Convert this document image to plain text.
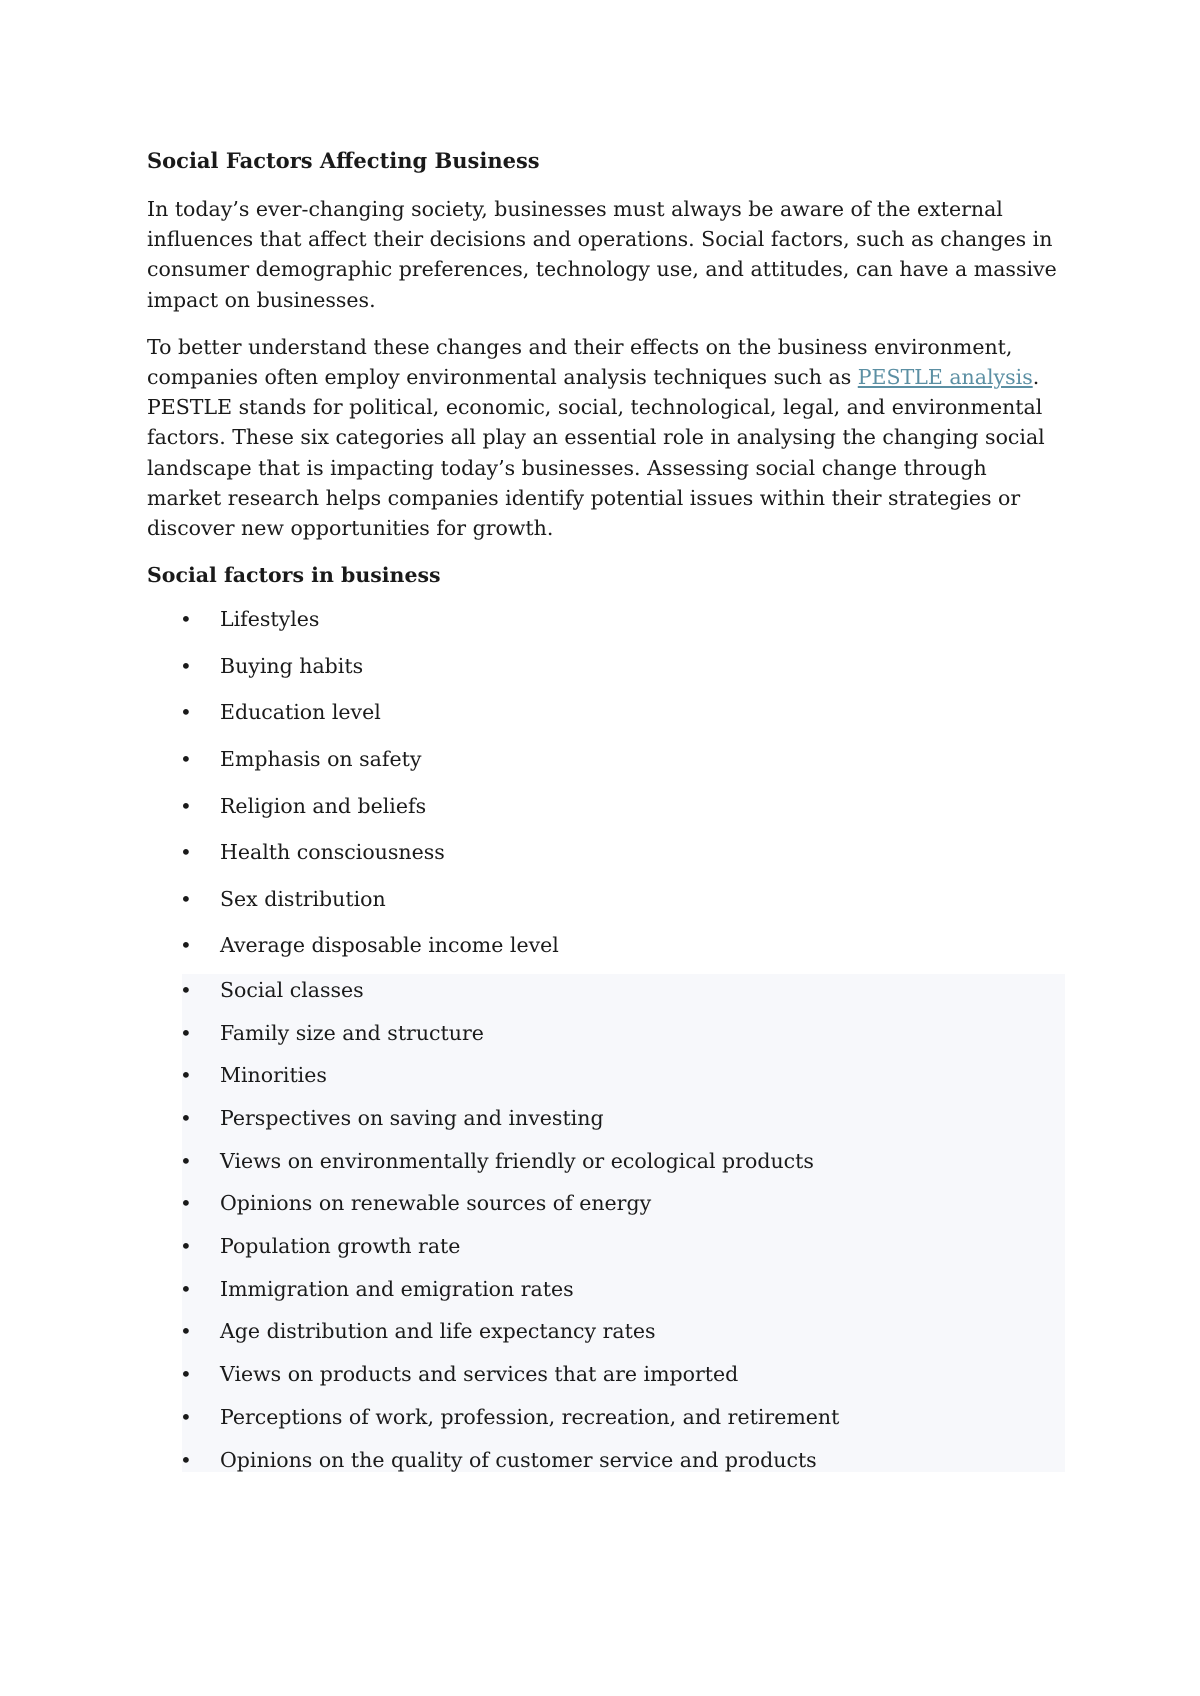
Social Factors Affecting Business

In today’s ever-changing society, businesses must always be aware of the external influences that affect their decisions and operations. Social factors, such as changes in consumer demographic preferences, technology use, and attitudes, can have a massive impact on businesses.

To better understand these changes and their effects on the business environment, companies often employ environmental analysis techniques such as PESTLE analysis. PESTLE stands for political, economic, social, technological, legal, and environmental factors. These six categories all play an essential role in analysing the changing social landscape that is impacting today’s businesses. Assessing social change through market research helps companies identify potential issues within their strategies or discover new opportunities for growth.

Social factors in business
• Lifestyles
• Buying habits
• Education level
• Emphasis on safety
• Religion and beliefs
• Health consciousness
• Sex distribution
• Average disposable income level
• Social classes
• Family size and structure
• Minorities
• Perspectives on saving and investing
• Views on environmentally friendly or ecological products
• Opinions on renewable sources of energy
• Population growth rate
• Immigration and emigration rates
• Age distribution and life expectancy rates
• Views on products and services that are imported
• Perceptions of work, profession, recreation, and retirement
• Opinions on the quality of customer service and products
